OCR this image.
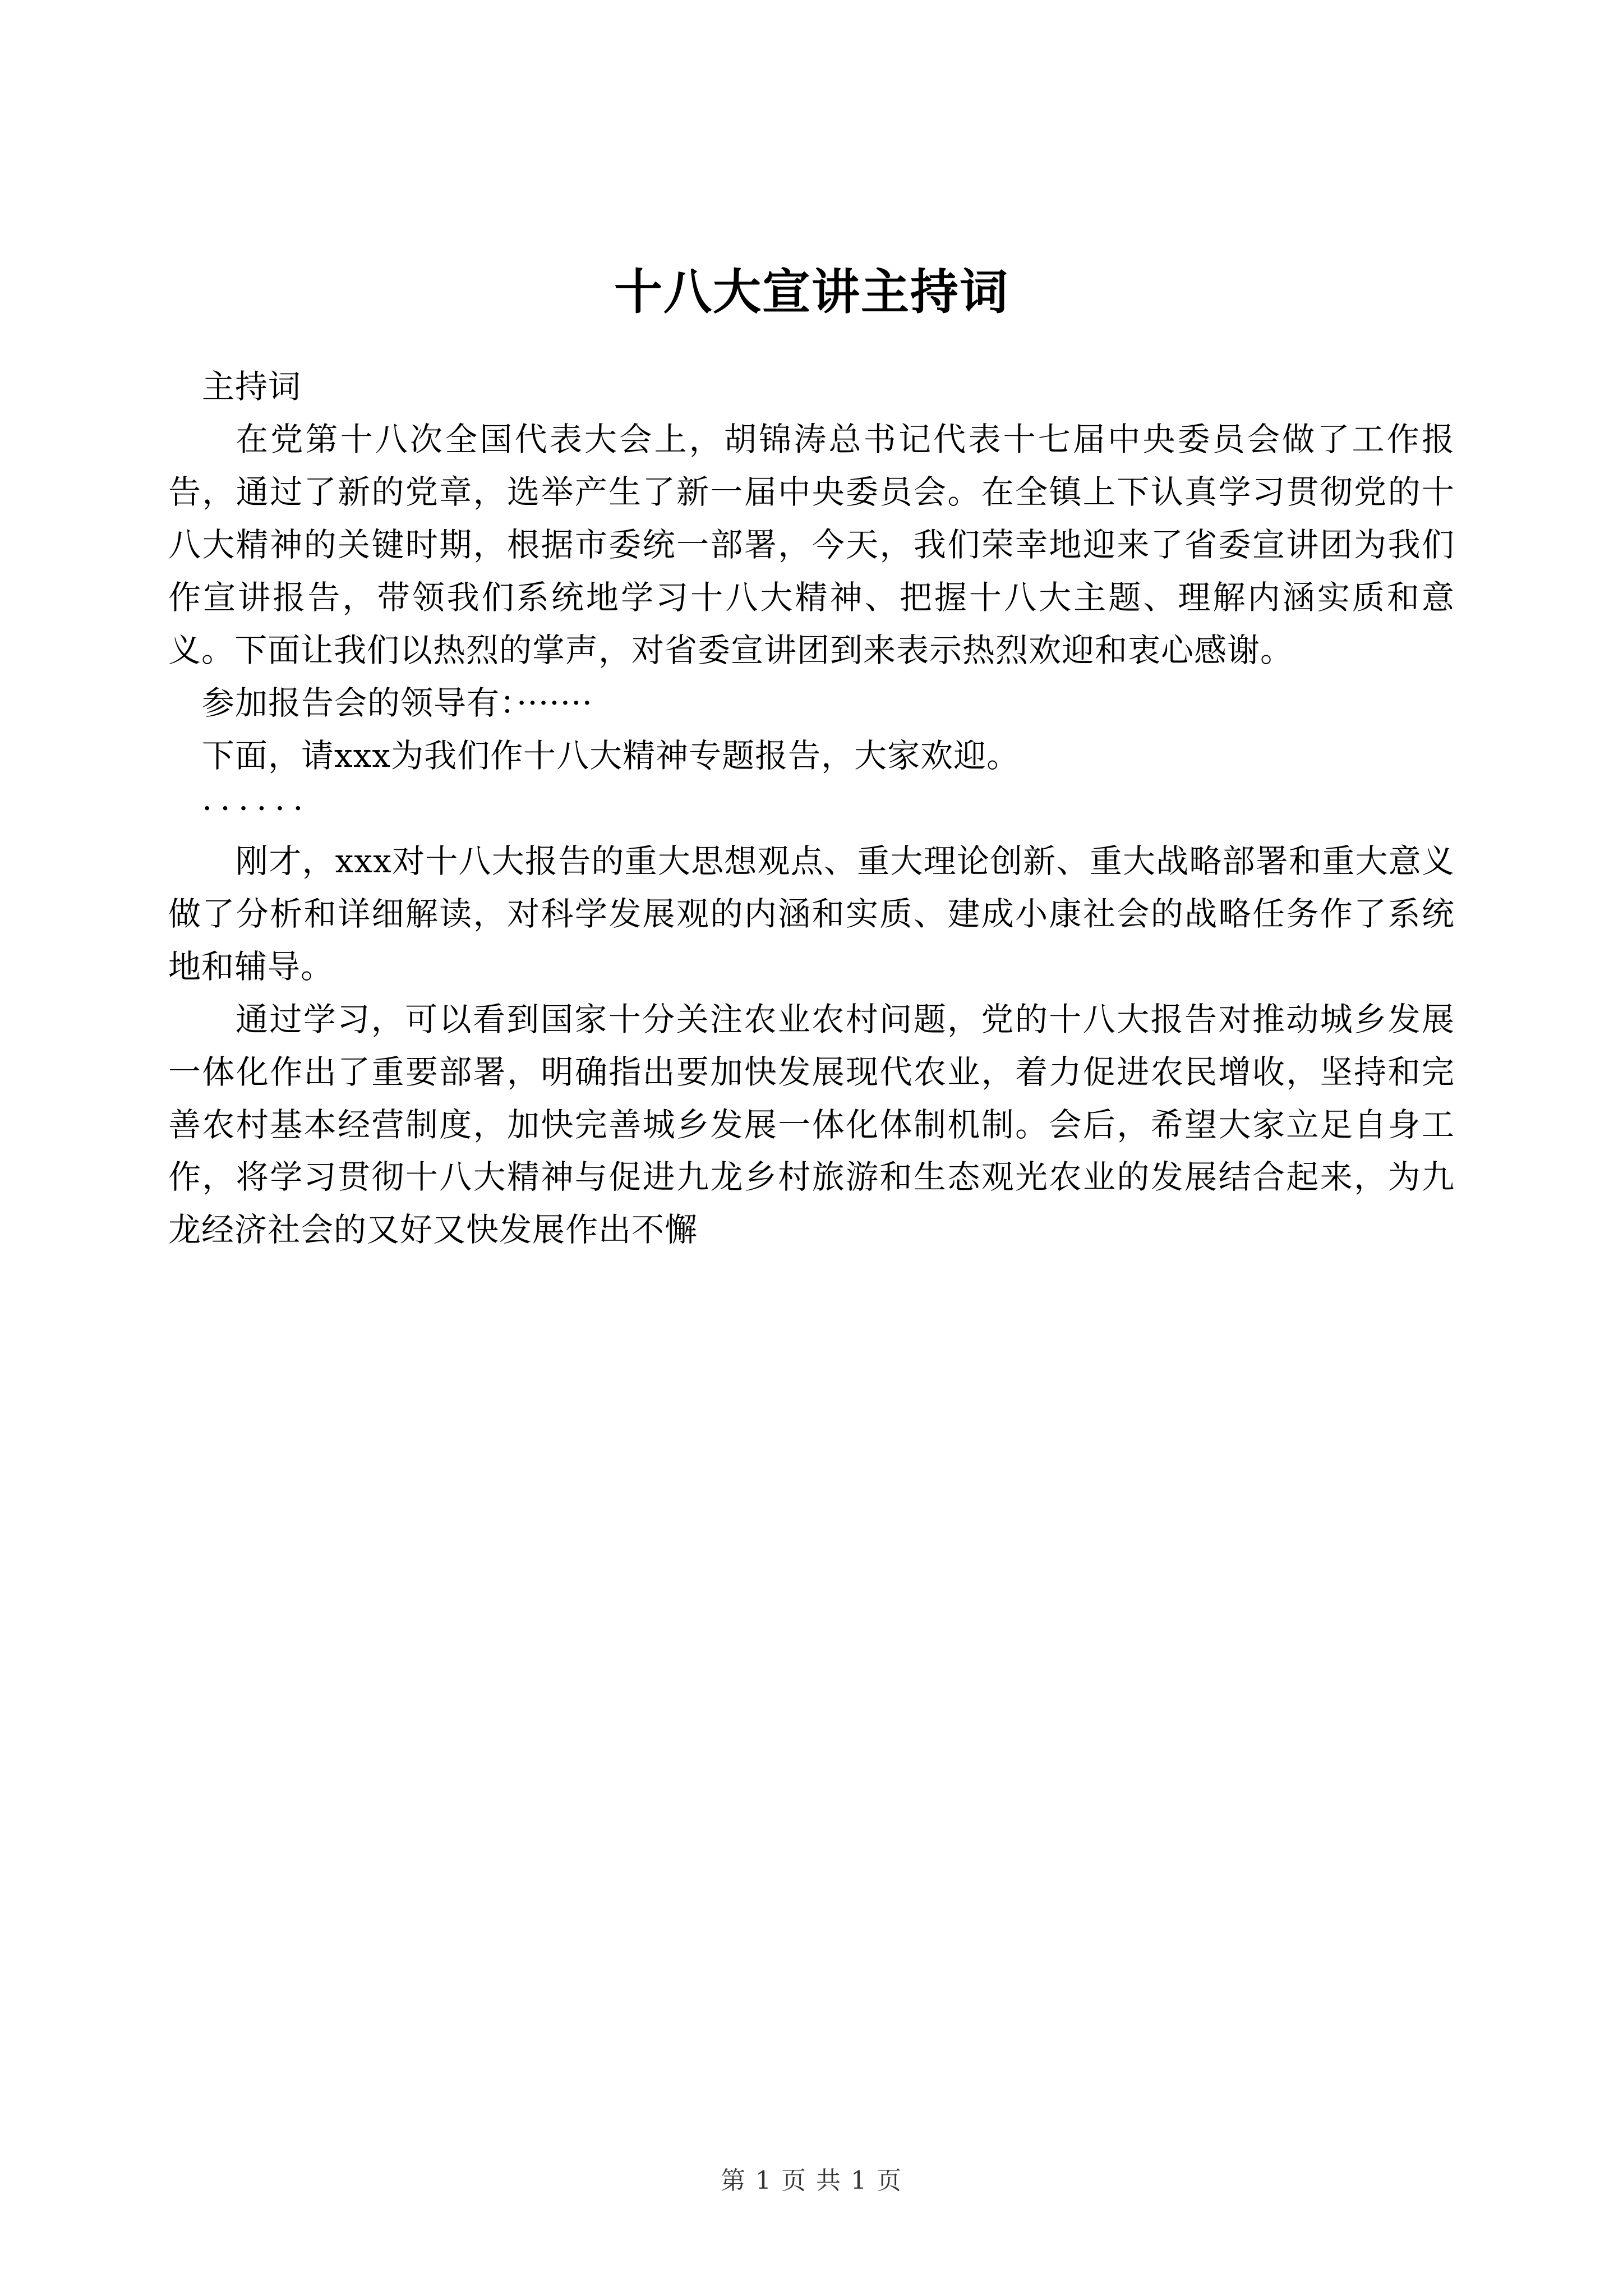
十八大宣讲主持词

主持词

在党第十八次全国代表大会上，胡锦涛总书记代表十七届中央委员会做了工作报告，通过了新的党章，选举产生了新一届中央委员会。在全镇上下认真学习贯彻党的十八大精神的关键时期，根据市委统一部署，今天，我们荣幸地迎来了省委宣讲团为我们作宣讲报告，带领我们系统地学习十八大精神、把握十八大主题、理解内涵实质和意义。下面让我们以热烈的掌声，对省委宣讲团到来表示热烈欢迎和衷心感谢。

参加报告会的领导有：·······

下面，请xxx为我们作十八大精神专题报告，大家欢迎。

······

刚才，xxx对十八大报告的重大思想观点、重大理论创新、重大战略部署和重大意义做了分析和详细解读，对科学发展观的内涵和实质、建成小康社会的战略任务作了系统地和辅导。

通过学习，可以看到国家十分关注农业农村问题，党的十八大报告对推动城乡发展一体化作出了重要部署，明确指出要加快发展现代农业，着力促进农民增收，坚持和完善农村基本经营制度，加快完善城乡发展一体化体制机制。会后，希望大家立足自身工作，将学习贯彻十八大精神与促进九龙乡村旅游和生态观光农业的发展结合起来，为九龙经济社会的又好又快发展作出不懈

第 1 页 共 1 页
